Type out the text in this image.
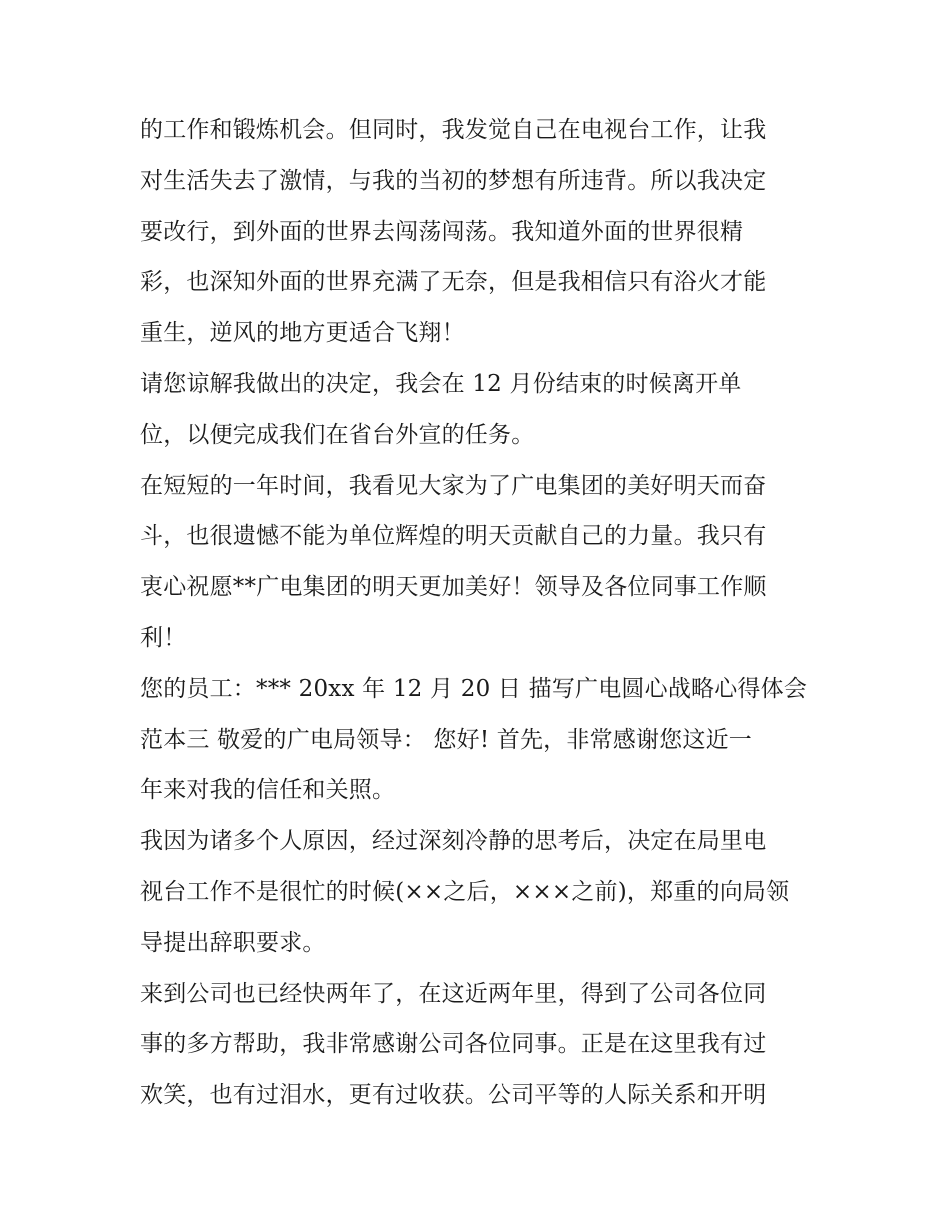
的工作和锻炼机会。但同时，我发觉自己在电视台工作，让我
对生活失去了激情，与我的当初的梦想有所违背。所以我决定
要改行，到外面的世界去闯荡闯荡。我知道外面的世界很精
彩，也深知外面的世界充满了无奈，但是我相信只有浴火才能
重生，逆风的地方更适合飞翔！
请您谅解我做出的决定，我会在 12 月份结束的时候离开单
位，以便完成我们在省台外宣的任务。
在短短的一年时间，我看见大家为了广电集团的美好明天而奋
斗，也很遗憾不能为单位辉煌的明天贡献自己的力量。我只有
衷心祝愿**广电集团的明天更加美好！领导及各位同事工作顺
利！
您的员工：*** 20xx 年 12 月 20 日 描写广电圆心战略心得体会
范本三 敬爱的广电局领导： 您好! 首先，非常感谢您这近一
年来对我的信任和关照。
我因为诸多个人原因，经过深刻冷静的思考后，决定在局里电
视台工作不是很忙的时候(××之后，×××之前)，郑重的向局领
导提出辞职要求。
来到公司也已经快两年了，在这近两年里，得到了公司各位同
事的多方帮助，我非常感谢公司各位同事。正是在这里我有过
欢笑，也有过泪水，更有过收获。公司平等的人际关系和开明
